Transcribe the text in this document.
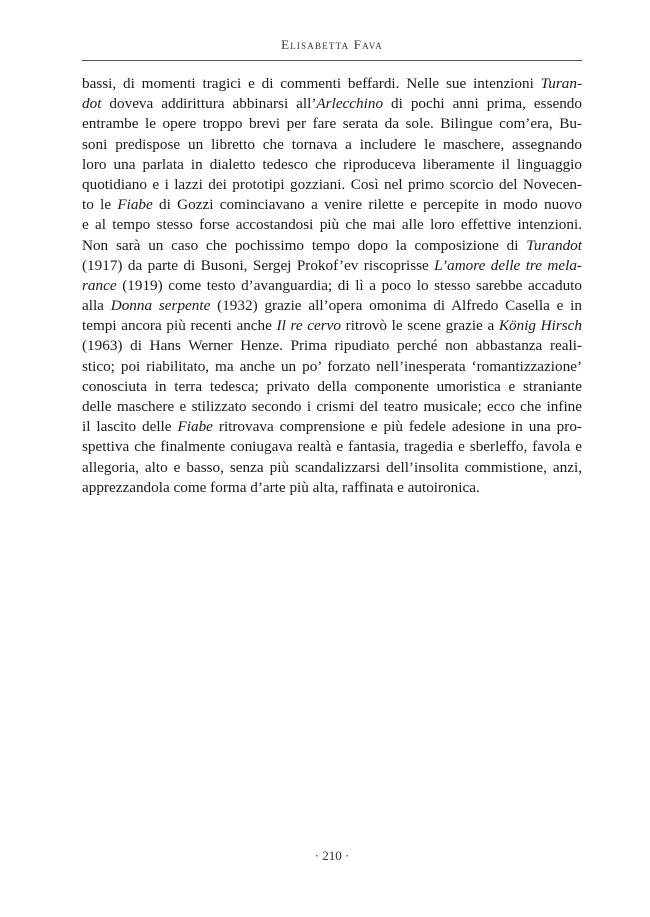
Elisabetta Fava
bassi, di momenti tragici e di commenti beffardi. Nelle sue intenzioni Turan-
dot doveva addirittura abbinarsi all’Arlecchino di pochi anni prima, essendo
entrambe le opere troppo brevi per fare serata da sole. Bilingue com’era, Bu-
soni predispose un libretto che tornava a includere le maschere, assegnando
loro una parlata in dialetto tedesco che riproduceva liberamente il linguaggio
quotidiano e i lazzi dei prototipi gozziani. Così nel primo scorcio del Novecen-
to le Fiabe di Gozzi cominciavano a venire rilette e percepite in modo nuovo
e al tempo stesso forse accostandosi più che mai alle loro effettive intenzioni.
Non sarà un caso che pochissimo tempo dopo la composizione di Turandot
(1917) da parte di Busoni, Sergej Prokof’ev riscoprisse L’amore delle tre mela-
rance (1919) come testo d’avanguardia; di lì a poco lo stesso sarebbe accaduto
alla Donna serpente (1932) grazie all’opera omonima di Alfredo Casella e in
tempi ancora più recenti anche Il re cervo ritrovò le scene grazie a König Hirsch
(1963) di Hans Werner Henze. Prima ripudiato perché non abbastanza reali-
stico; poi riabilitato, ma anche un po’ forzato nell’inesperata ‘romantizzazione’
conosciuta in terra tedesca; privato della componente umoristica e straniante
delle maschere e stilizzato secondo i crismi del teatro musicale; ecco che infine
il lascito delle Fiabe ritrovava comprensione e più fedele adesione in una pro-
spettiva che finalmente coniugava realtà e fantasia, tragedia e sberleffo, favola e
allegoria, alto e basso, senza più scandalizzarsi dell’insolita commistione, anzi,
apprezzandola come forma d’arte più alta, raffinata e autoironica.
· 210 ·
